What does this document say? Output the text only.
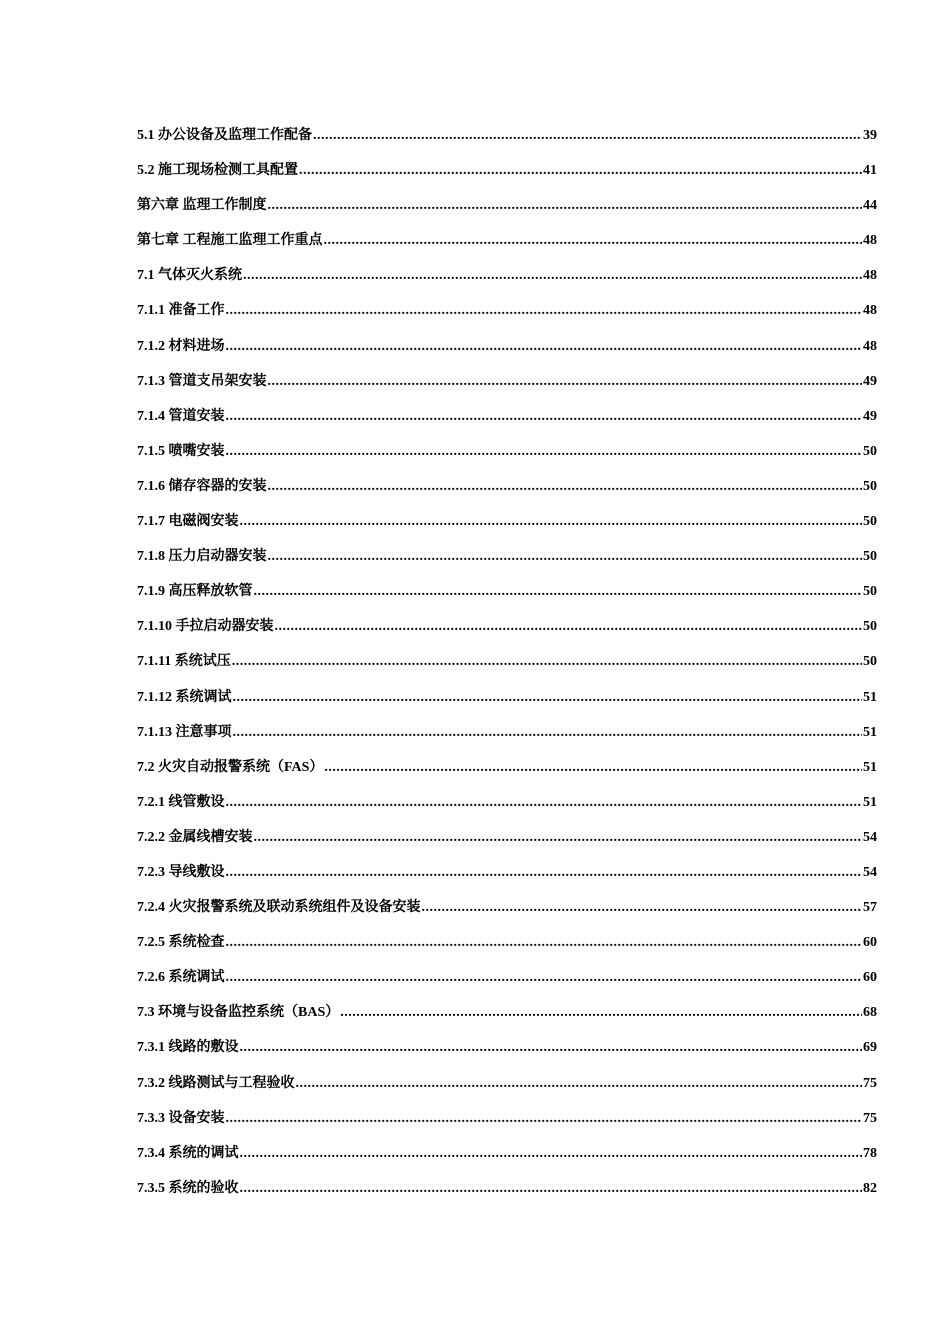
5.1 办公设备及监理工作配备 .....	39
5.2 施工现场检测工具配置 .....	41
第六章 监理工作制度 .....	44
第七章 工程施工监理工作重点 .....	48
7.1 气体灭火系统 .....	48
7.1.1 准备工作 .....	48
7.1.2 材料进场 .....	48
7.1.3 管道支吊架安装 .....	49
7.1.4 管道安装 .....	49
7.1.5 喷嘴安装 .....	50
7.1.6 储存容器的安装 .....	50
7.1.7 电磁阀安装 .....	50
7.1.8 压力启动器安装 .....	50
7.1.9 高压释放软管 .....	50
7.1.10 手拉启动器安装 .....	50
7.1.11 系统试压 .....	50
7.1.12 系统调试 .....	51
7.1.13 注意事项 .....	51
7.2 火灾自动报警系统（FAS） .....	51
7.2.1 线管敷设 .....	51
7.2.2 金属线槽安装 .....	54
7.2.3 导线敷设 .....	54
7.2.4 火灾报警系统及联动系统组件及设备安装 .....	57
7.2.5 系统检查 .....	60
7.2.6 系统调试 .....	60
7.3 环境与设备监控系统（BAS） .....	68
7.3.1 线路的敷设 .....	69
7.3.2 线路测试与工程验收 .....	75
7.3.3 设备安装 .....	75
7.3.4 系统的调试 .....	78
7.3.5 系统的验收 .....	82
